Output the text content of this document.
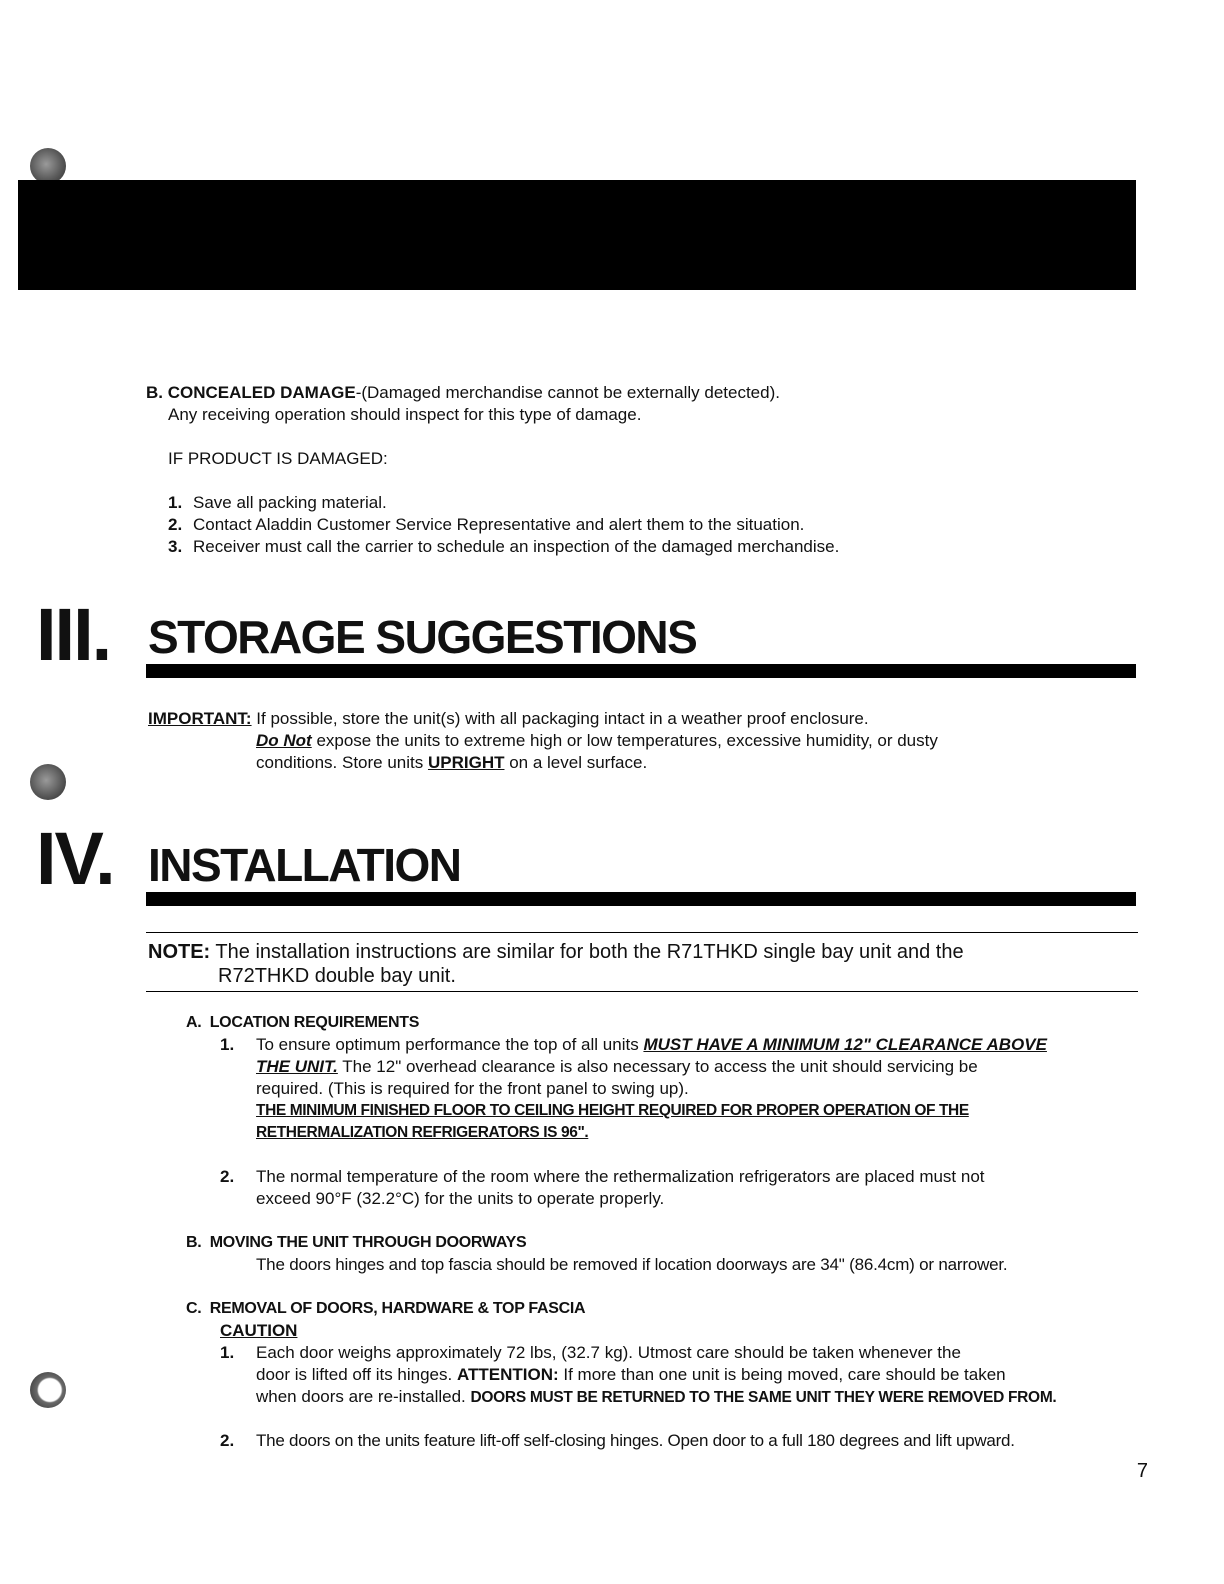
B. CONCEALED DAMAGE-(Damaged merchandise cannot be externally detected).
Any receiving operation should inspect for this type of damage.
IF PRODUCT IS DAMAGED:
1. Save all packing material.
2. Contact Aladdin Customer Service Representative and alert them to the situation.
3. Receiver must call the carrier to schedule an inspection of the damaged merchandise.
III. STORAGE SUGGESTIONS
IMPORTANT: If possible, store the unit(s) with all packaging intact in a weather proof enclosure.
Do Not expose the units to extreme high or low temperatures, excessive humidity, or dusty
conditions. Store units UPRIGHT on a level surface.
IV. INSTALLATION
NOTE: The installation instructions are similar for both the R71THKD single bay unit and the
R72THKD double bay unit.
A. LOCATION REQUIREMENTS
1. To ensure optimum performance the top of all units MUST HAVE A MINIMUM 12" CLEARANCE ABOVE
THE UNIT. The 12" overhead clearance is also necessary to access the unit should servicing be
required. (This is required for the front panel to swing up).
THE MINIMUM FINISHED FLOOR TO CEILING HEIGHT REQUIRED FOR PROPER OPERATION OF THE
RETHERMALIZATION REFRIGERATORS IS 96".
2. The normal temperature of the room where the rethermalization refrigerators are placed must not
exceed 90°F (32.2°C) for the units to operate properly.
B. MOVING THE UNIT THROUGH DOORWAYS
The doors hinges and top fascia should be removed if location doorways are 34" (86.4cm) or narrower.
C. REMOVAL OF DOORS, HARDWARE & TOP FASCIA
CAUTION
1. Each door weighs approximately 72 lbs, (32.7 kg). Utmost care should be taken whenever the
door is lifted off its hinges. ATTENTION: If more than one unit is being moved, care should be taken
when doors are re-installed. DOORS MUST BE RETURNED TO THE SAME UNIT THEY WERE REMOVED FROM.
2. The doors on the units feature lift-off self-closing hinges. Open door to a full 180 degrees and lift upward.
7
